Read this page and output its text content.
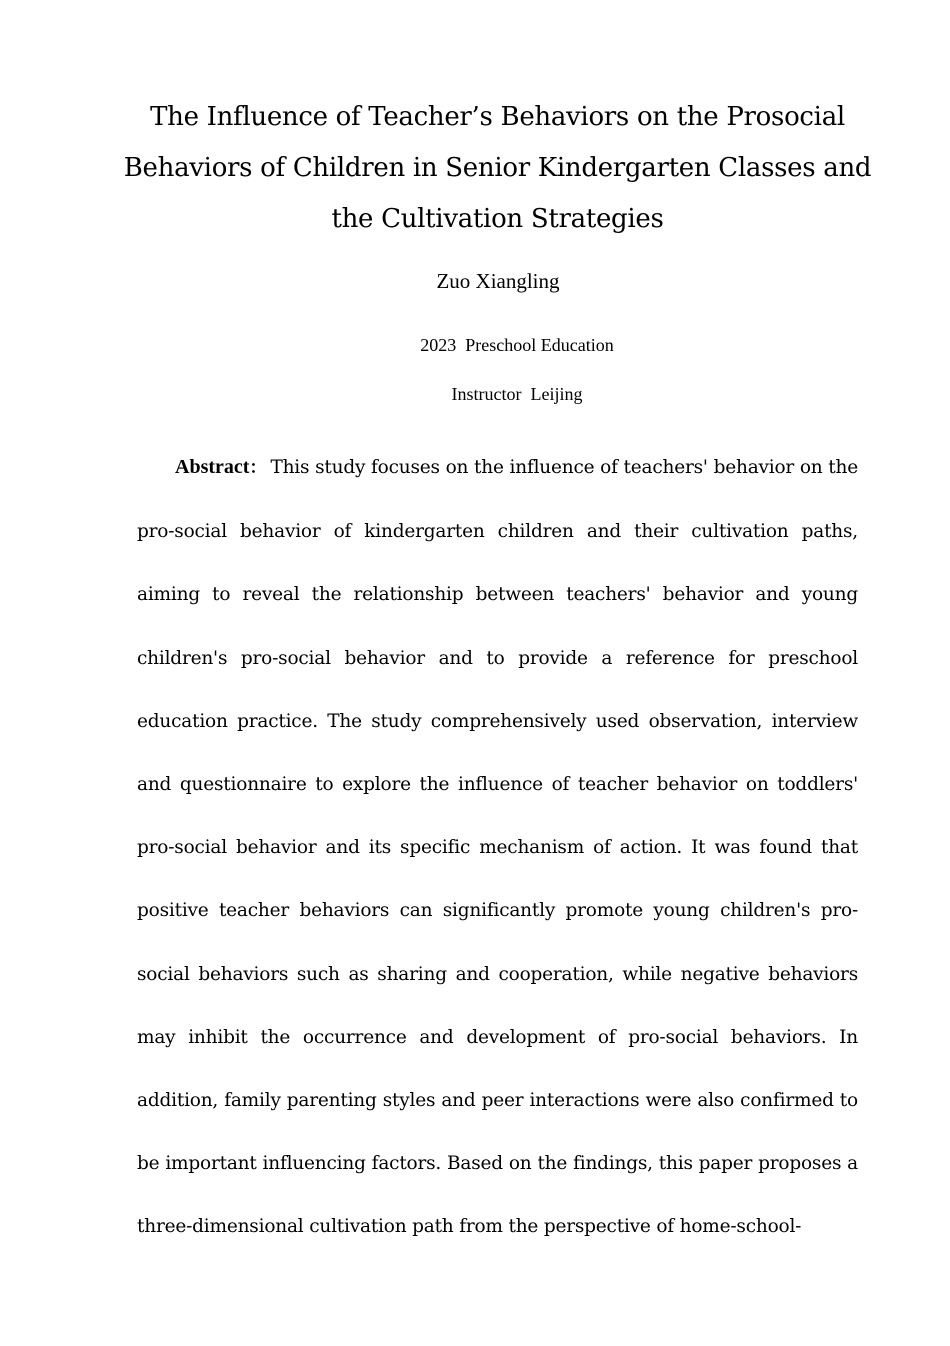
The Influence of Teacher’s Behaviors on the Prosocial Behaviors of Children in Senior Kindergarten Classes and the Cultivation Strategies
Zuo Xiangling
2023  Preschool Education
Instructor  Leijing

Abstract： This study focuses on the influence of teachers' behavior on the pro-social behavior of kindergarten children and their cultivation paths, aiming to reveal the relationship between teachers' behavior and young children's pro-social behavior and to provide a reference for preschool education practice. The study comprehensively used observation, interview and questionnaire to explore the influence of teacher behavior on toddlers' pro-social behavior and its specific mechanism of action. It was found that positive teacher behaviors can significantly promote young children's pro-social behaviors such as sharing and cooperation, while negative behaviors may inhibit the occurrence and development of pro-social behaviors. In addition, family parenting styles and peer interactions were also confirmed to be important influencing factors. Based on the findings, this paper proposes a three-dimensional cultivation path from the perspective of home-school-
